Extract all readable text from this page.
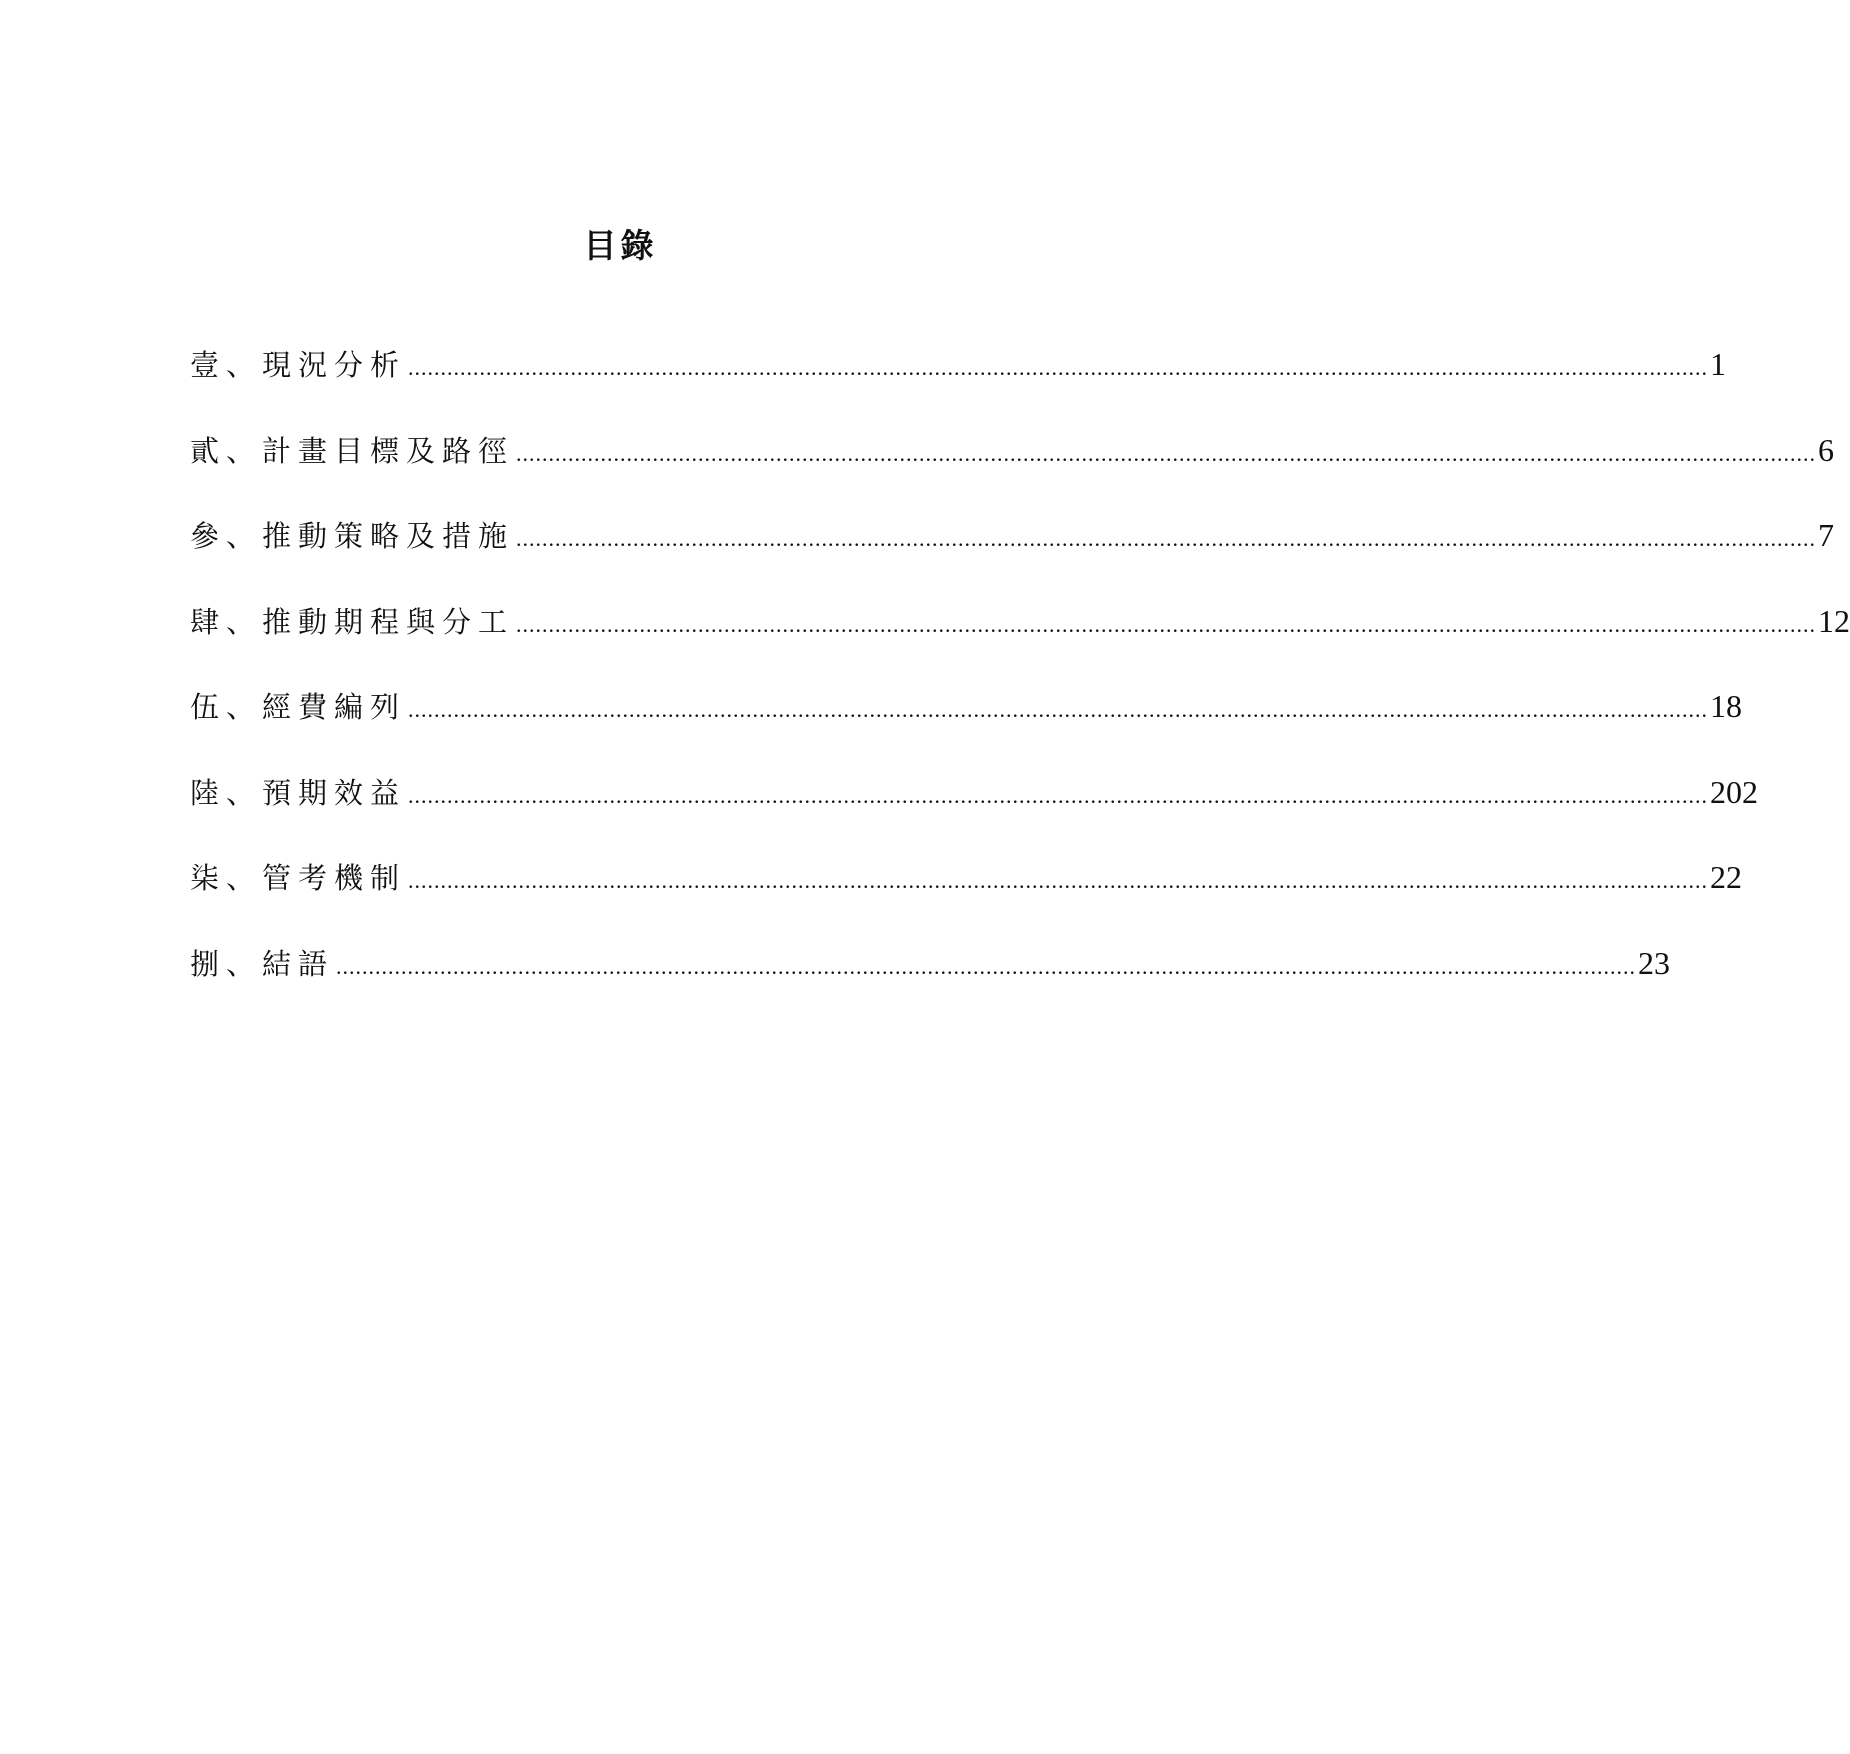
目錄
壹、現況分析 ........................................................................................................................................................................................................ 1
貳、計畫目標及路徑 ........................................................................................................................................................................................................ 6
參、推動策略及措施 ........................................................................................................................................................................................................ 7
肆、推動期程與分工 ........................................................................................................................................................................................................ 12
伍、經費編列 ........................................................................................................................................................................................................ 18
陸、預期效益 ........................................................................................................................................................................................................ 202
柒、管考機制 ........................................................................................................................................................................................................ 22
捌、結語 ........................................................................................................................................................................................................ 23
